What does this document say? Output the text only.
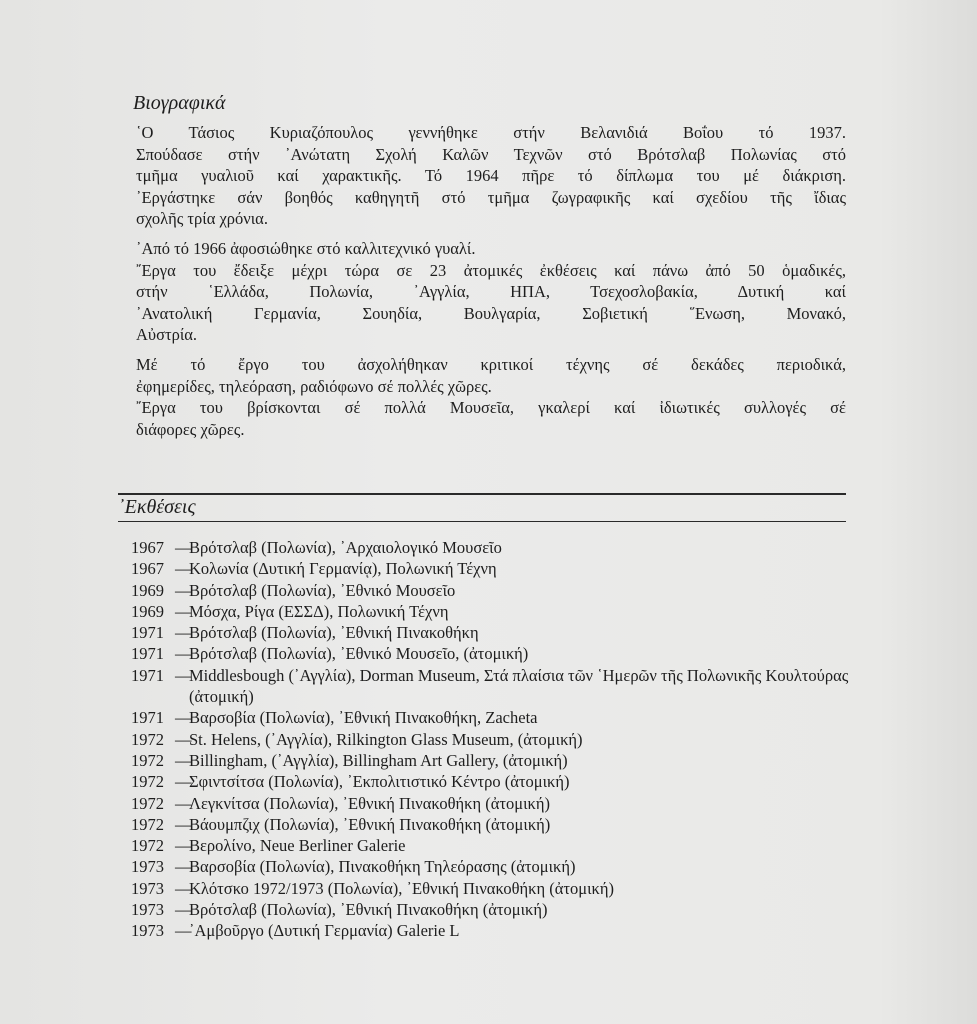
Βιογραφικά
῾Ο Τάσιος Κυριαζόπουλος γεννήθηκε στήν Βελανιδιά Βοΐου τό 1937.
Σπούδασε στήν ᾿Ανώτατη Σχολή Καλῶν Τεχνῶν στό Βρότσλαβ Πολωνίας στό
τμῆμα γυαλιοῦ καί χαρακτικῆς. Τό 1964 πῆρε τό δίπλωμα του μέ διάκριση.
᾿Εργάστηκε σάν βοηθός καθηγητῆ στό τμῆμα ζωγραφικῆς καί σχεδίου τῆς ἴδιας
σχολῆς τρία χρόνια.
᾿Από τό 1966 ἀφοσιώθηκε στό καλλιτεχνικό γυαλί.
῎Εργα του ἔδειξε μέχρι τώρα σε 23 ἀτομικές ἐκθέσεις καί πάνω ἀπό 50 ὁμαδικές,
στήν ῾Ελλάδα, Πολωνία, ᾿Αγγλία, ΗΠΑ, Τσεχοσλοβακία, Δυτική καί
᾿Ανατολική Γερμανία, Σουηδία, Βουλγαρία, Σοβιετική ῞Ενωση, Μονακό,
Αὐστρία.
Μέ τό ἔργο του ἀσχολήθηκαν κριτικοί τέχνης σέ δεκάδες περιοδικά,
ἐφημερίδες, τηλεόραση, ραδιόφωνο σέ πολλές χῶρες.
῎Εργα του βρίσκονται σέ πολλά Μουσεῖα, γκαλερί καί ἰδιωτικές συλλογές σέ
διάφορες χῶρες.
᾿Εκθέσεις
1967 —
Βρότσλαβ (Πολωνία), ᾿Αρχαιολογικό Μουσεῖο
1967 —
Κολωνία (Δυτική Γερμανίᾳ), Πολωνική Τέχνη
1969 —
Βρότσλαβ (Πολωνία), ᾿Εθνικό Μουσεῖο
1969 —
Μόσχα, Ρίγα (ΕΣΣΔ), Πολωνική Τέχνη
1971 —
Βρότσλαβ (Πολωνία), ᾿Εθνική Πινακοθήκη
1971 —
Βρότσλαβ (Πολωνία), ᾿Εθνικό Μουσεῖο, (ἀτομική)
1971 —
Middlesbough (᾿Αγγλία), Dorman Museum, Στά πλαίσια τῶν ῾Ημερῶν τῆς Πολωνικῆς Κουλτούρας (ἀτομική)
1971 —
Βαρσοβία (Πολωνία), ᾿Εθνική Πινακοθήκη, Zacheta
1972 —
St. Helens, (᾿Αγγλία), Rilkington Glass Museum, (ἀτομική)
1972 —
Billingham, (᾿Αγγλία), Billingham Art Gallery, (ἀτομική)
1972 —
Σφιντσίτσα (Πολωνία), ᾿Εκπολιτιστικό Κέντρο (ἀτομική)
1972 —
Λεγκνίτσα (Πολωνία), ᾿Εθνική Πινακοθήκη (ἀτομική)
1972 —
Βάουμπζιχ (Πολωνία), ᾿Εθνική Πινακοθήκη (ἀτομική)
1972 —
Βερολίνο, Neue Berliner Galerie
1973 —
Βαρσοβία (Πολωνία), Πινακοθήκη Τηλεόρασης (ἀτομική)
1973 —
Κλότσκο 1972/1973 (Πολωνία), ᾿Εθνική Πινακοθήκη (ἀτομική)
1973 —
Βρότσλαβ (Πολωνία), ᾿Εθνική Πινακοθήκη (ἀτομική)
1973 —
᾿Αμβοῦργο (Δυτική Γερμανία) Galerie L
